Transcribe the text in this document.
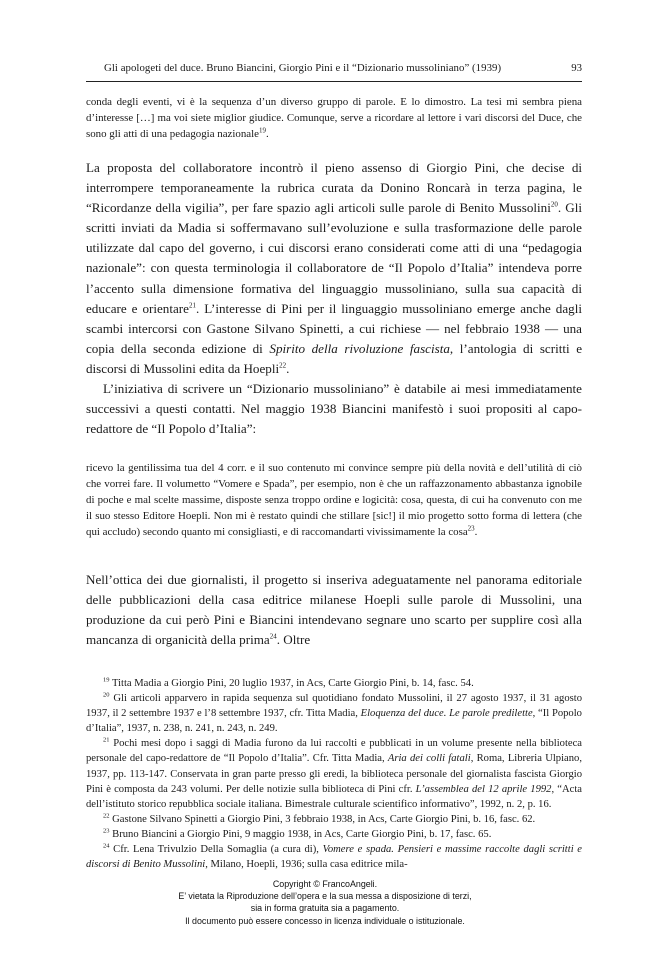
Gli apologeti del duce. Bruno Biancini, Giorgio Pini e il “Dizionario mussoliniano” (1939)	93

conda degli eventi, vi è la sequenza d’un diverso gruppo di parole. E lo dimostro. La tesi mi sembra piena d’interesse […] ma voi siete miglior giudice. Comunque, serve a ricordare al lettore i vari discorsi del Duce, che sono gli atti di una pedagogia nazionale$^{19}$.

La proposta del collaboratore incontrò il pieno assenso di Giorgio Pini, che decise di interrompere temporaneamente la rubrica curata da Donino Roncarà in terza pagina, le “Ricordanze della vigilia”, per fare spazio agli articoli sulle parole di Benito Mussolini$^{20}$. Gli scritti inviati da Madia si soffermavano sull’evoluzione e sulla trasformazione delle parole utilizzate dal capo del governo, i cui discorsi erano considerati come atti di una “pedagogia nazionale”: con questa terminologia il collaboratore de “Il Popolo d’Italia” intendeva porre l’accento sulla dimensione formativa del linguaggio mussoliniano, sulla sua capacità di educare e orientare$^{21}$. L’interesse di Pini per il linguaggio mussoliniano emerge anche dagli scambi intercorsi con Gastone Silvano Spinetti, a cui richiese — nel febbraio 1938 — una copia della seconda edizione di Spirito della rivoluzione fascista, l’antologia di scritti e discorsi di Mussolini edita da Hoepli$^{22}$.

L’iniziativa di scrivere un “Dizionario mussoliniano” è databile ai mesi immediatamente successivi a questi contatti. Nel maggio 1938 Biancini manifestò i suoi propositi al capo-redattore de “Il Popolo d’Italia”:

ricevo la gentilissima tua del 4 corr. e il suo contenuto mi convince sempre più della novità e dell’utilità di ciò che vorrei fare. Il volumetto “Vomere e Spada”, per esempio, non è che un raffazzonamento abbastanza ignobile di poche e mal scelte massime, disposte senza troppo ordine e logicità: cosa, questa, di cui ha convenuto con me il suo stesso Editore Hoepli. Non mi è restato quindi che stillare [sic!] il mio progetto sotto forma di lettera (che qui accludo) secondo quanto mi consigliasti, e di raccomandarti vivissimamente la cosa$^{23}$.

Nell’ottica dei due giornalisti, il progetto si inseriva adeguatamente nel panorama editoriale delle pubblicazioni della casa editrice milanese Hoepli sulle parole di Mussolini, una produzione da cui però Pini e Biancini intendevano segnare uno scarto per supplire così alla mancanza di organicità della prima$^{24}$. Oltre

$^{19}$ Titta Madia a Giorgio Pini, 20 luglio 1937, in Acs, Carte Giorgio Pini, b. 14, fasc. 54.

$^{20}$ Gli articoli apparvero in rapida sequenza sul quotidiano fondato Mussolini, il 27 agosto 1937, il 31 agosto 1937, il 2 settembre 1937 e l’8 settembre 1937, cfr. Titta Madia, Eloquenza del duce. Le parole predilette, “Il Popolo d’Italia”, 1937, n. 238, n. 241, n. 243, n. 249.

$^{21}$ Pochi mesi dopo i saggi di Madia furono da lui raccolti e pubblicati in un volume presente nella biblioteca personale del capo-redattore de “Il Popolo d’Italia”. Cfr. Titta Madia, Aria dei colli fatali, Roma, Libreria Ulpiano, 1937, pp. 113-147. Conservata in gran parte presso gli eredi, la biblioteca personale del giornalista fascista Giorgio Pini è composta da 243 volumi. Per delle notizie sulla biblioteca di Pini cfr. L’assemblea del 12 aprile 1992, “Acta dell’istituto storico repubblica sociale italiana. Bimestrale culturale scientifico informativo”, 1992, n. 2, p. 16.

$^{22}$ Gastone Silvano Spinetti a Giorgio Pini, 3 febbraio 1938, in Acs, Carte Giorgio Pini, b. 16, fasc. 62.

$^{23}$ Bruno Biancini a Giorgio Pini, 9 maggio 1938, in Acs, Carte Giorgio Pini, b. 17, fasc. 65.

$^{24}$ Cfr. Lena Trivulzio Della Somaglia (a cura di), Vomere e spada. Pensieri e massime raccolte dagli scritti e discorsi di Benito Mussolini, Milano, Hoepli, 1936; sulla casa editrice mila-

Copyright © FrancoAngeli.
E’ vietata la Riproduzione dell’opera e la sua messa a disposizione di terzi,
sia in forma gratuita sia a pagamento.
Il documento può essere concesso in licenza individuale o istituzionale.
